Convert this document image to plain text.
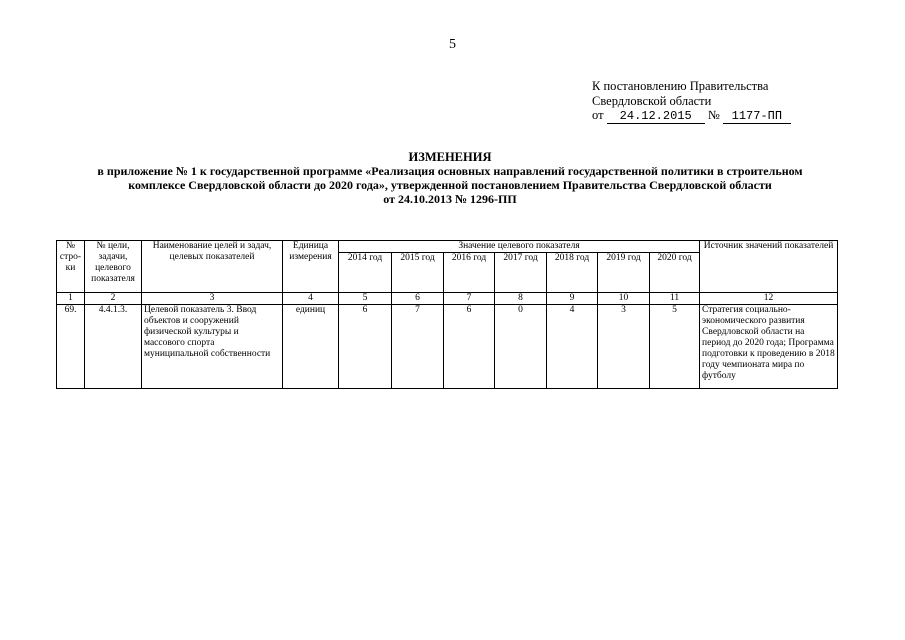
5
К постановлению Правительства
Свердловской области
от 24.12.2015 № 1177-ПП
ИЗМЕНЕНИЯ
в приложение № 1 к государственной программе «Реализация основных направлений государственной политики в строительном
комплексе Свердловской области до 2020 года», утвержденной постановлением Правительства Свердловской области
от 24.10.2013 № 1296-ПП
№ стро-ки	№ цели, задачи, целевого показателя	Наименование целей и задач, целевых показателей	Единица измерения	Значение целевого показателя							Источник значений показателей
				2014 год	2015 год	2016 год	2017 год	2018 год	2019 год	2020 год	
1	2	3	4	5	6	7	8	9	10	11	12
69.	4.4.1.3.	Целевой показатель 3. Ввод объектов и сооружений физической культуры и массового спорта муниципальной собственности	единиц	6	7	6	0	4	3	5	Стратегия социально-экономического развития Свердловской области на период до 2020 года; Программа подготовки к проведению в 2018 году чемпионата мира по футболу
